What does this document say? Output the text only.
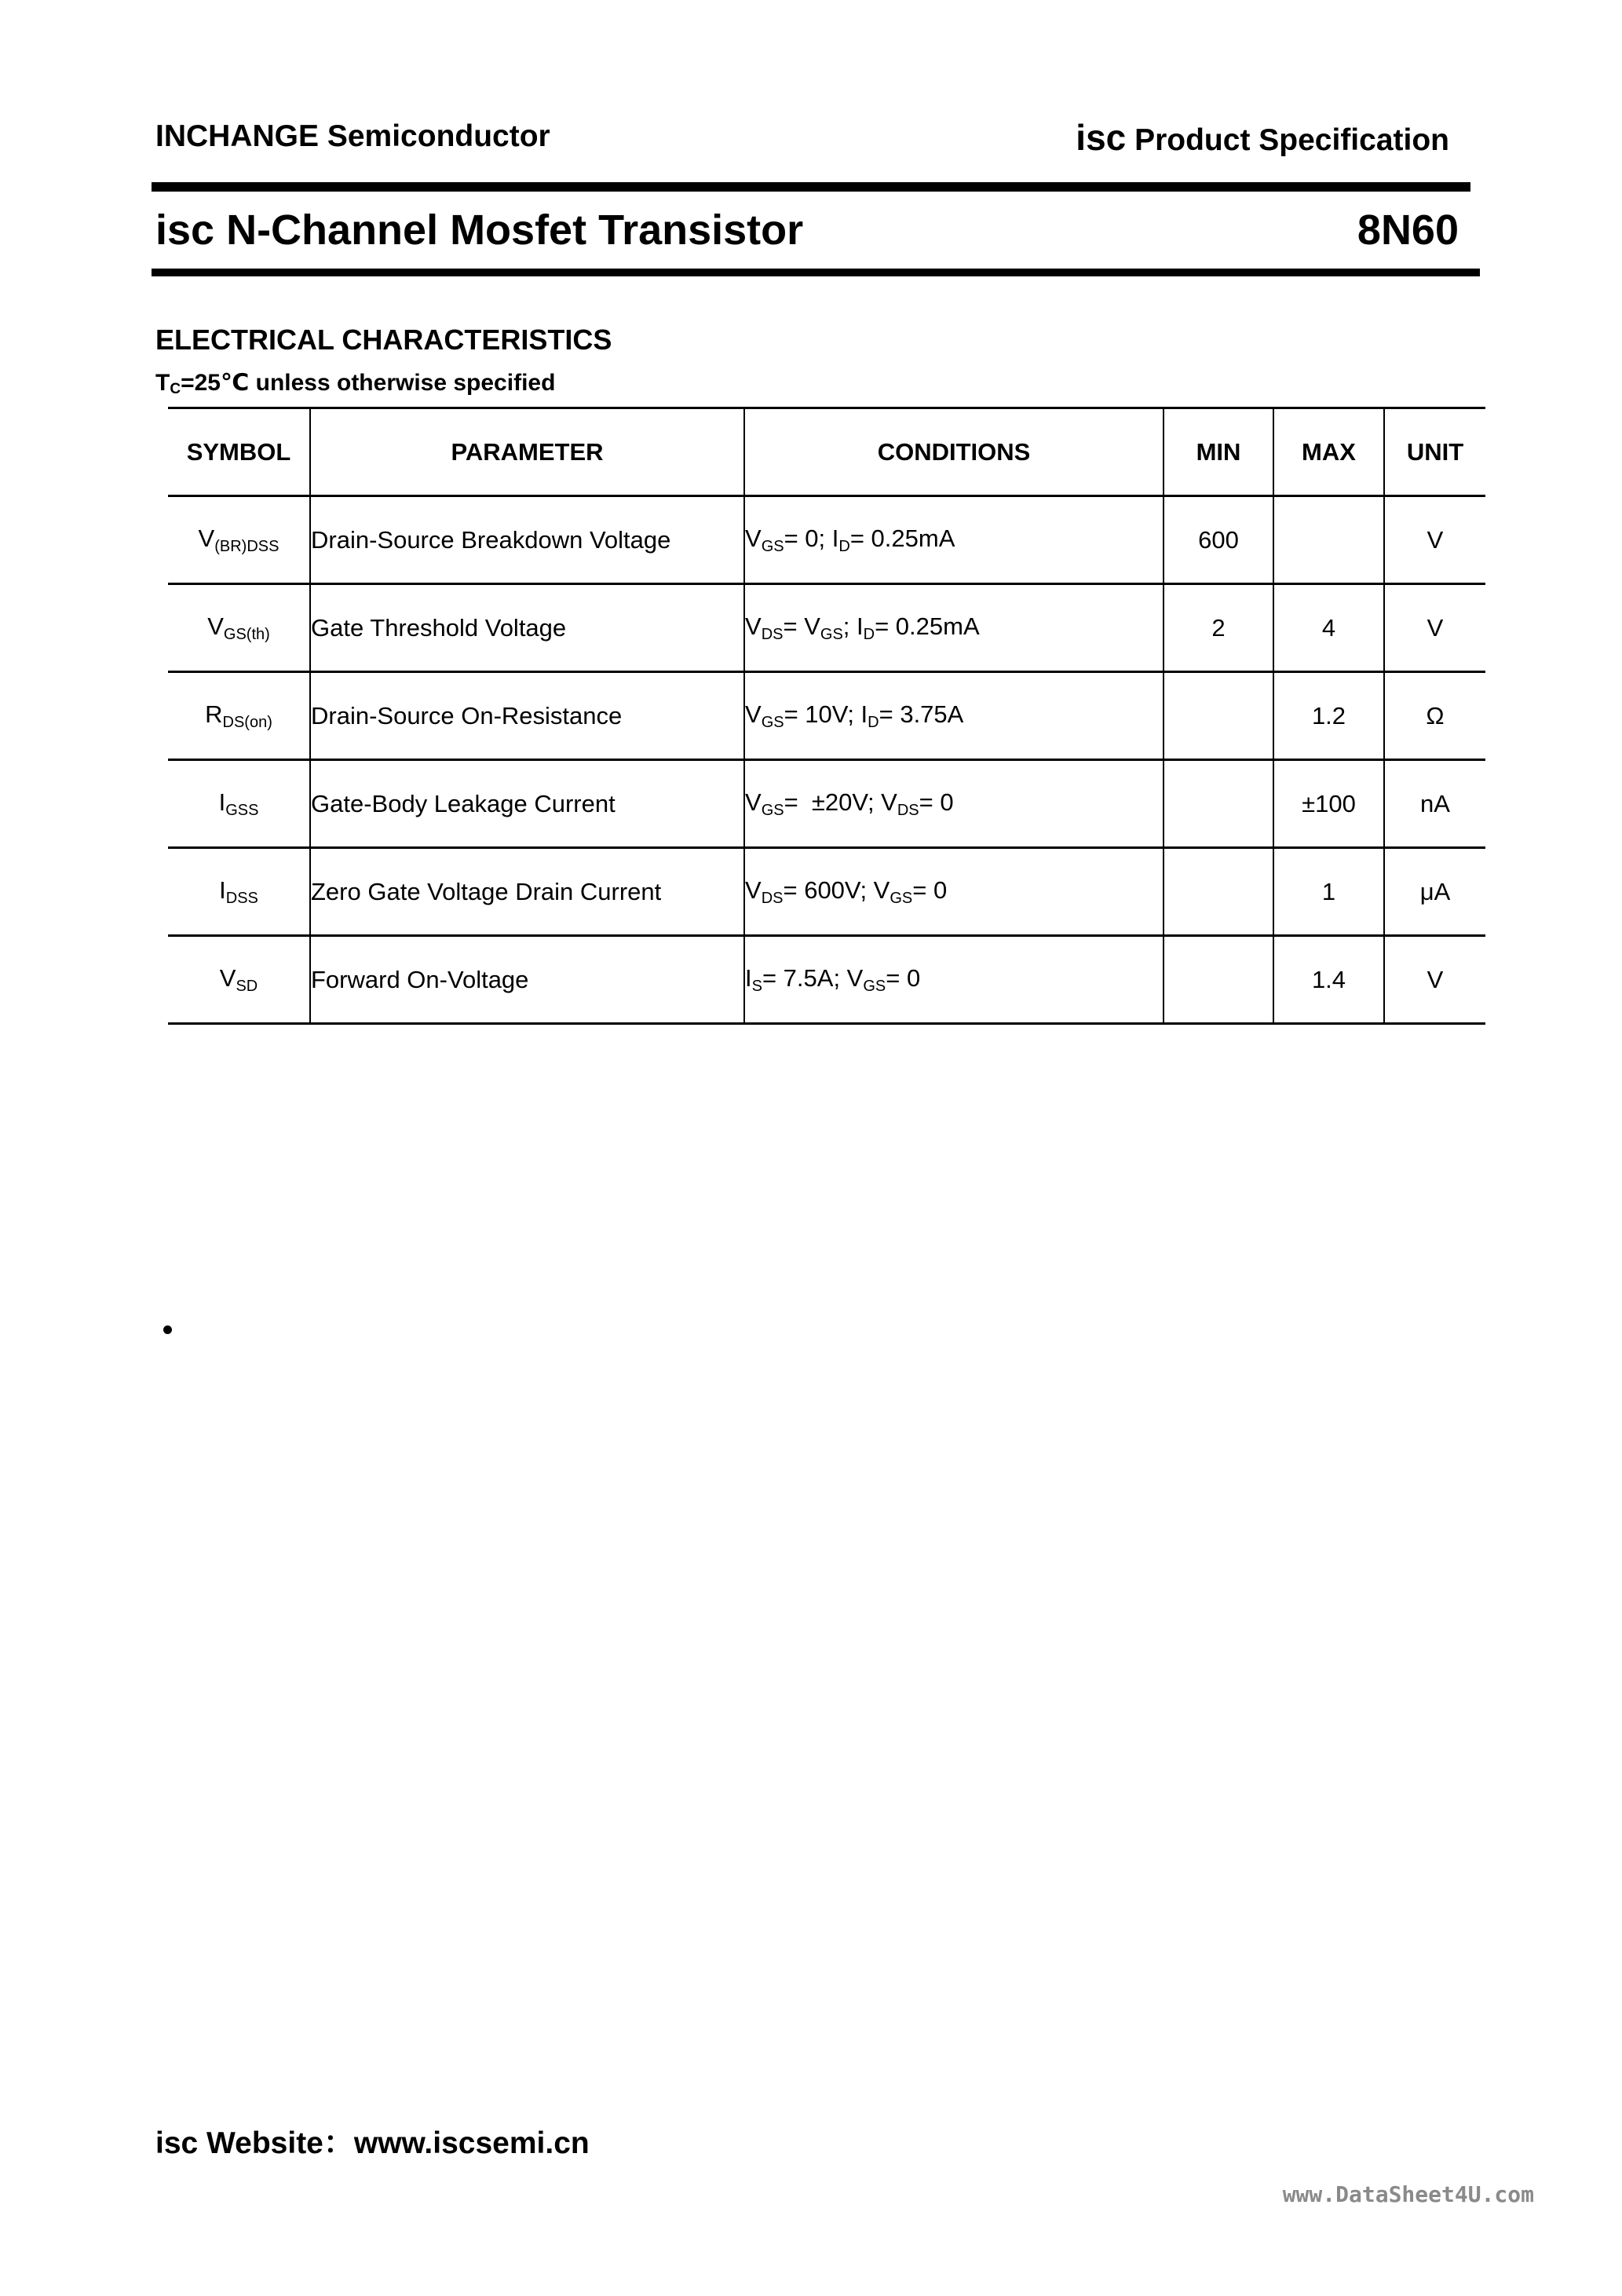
INCHANGE Semiconductor	isc Product Specification
isc N-Channel Mosfet Transistor	8N60
ELECTRICAL CHARACTERISTICS
$T_C=25℃$ unless otherwise specified
SYMBOL	PARAMETER	CONDITIONS	MIN	MAX	UNIT
$V_{(BR)DSS}$	Drain-Source Breakdown Voltage	$V_{GS}= 0$; $I_D= 0.25mA$	600		V
$V_{GS(th)}$	Gate Threshold Voltage	$V_{DS}= V_{GS}$; $I_D= 0.25mA$	2	4	V
$R_{DS(on)}$	Drain-Source On-Resistance	$V_{GS}= 10V$; $I_D= 3.75A$		1.2	Ω
$I_{GSS}$	Gate-Body Leakage Current	$V_{GS}= \pm 20V$; $V_{DS}= 0$		±100	nA
$I_{DSS}$	Zero Gate Voltage Drain Current	$V_{DS}= 600V$; $V_{GS}= 0$		1	μA
$V_{SD}$	Forward On-Voltage	$I_S= 7.5A$; $V_{GS}= 0$		1.4	V
isc Website：www.iscsemi.cn
www.DataSheet4U.com
